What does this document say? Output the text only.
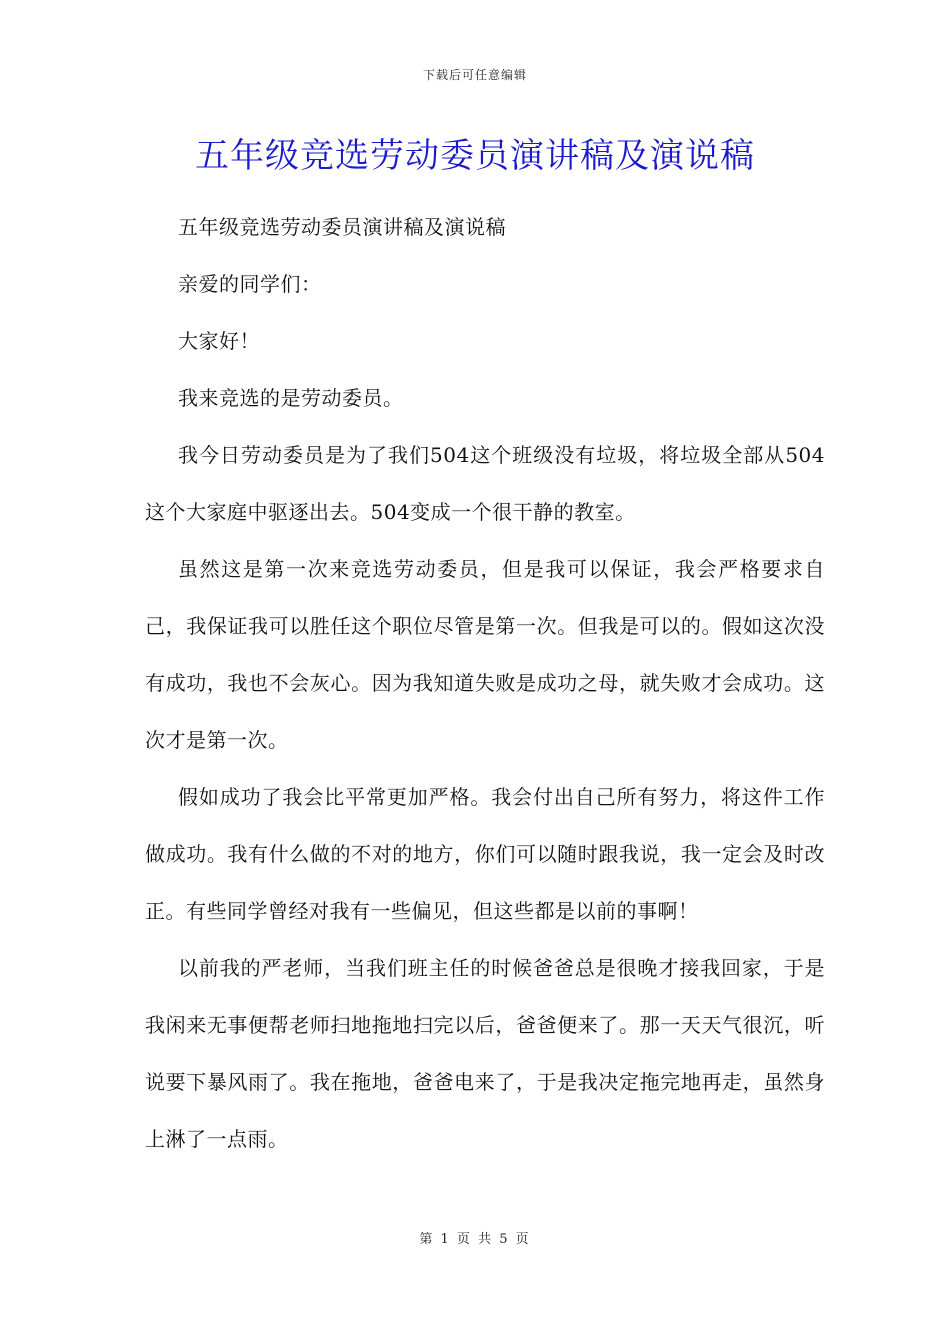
下载后可任意编辑
五年级竞选劳动委员演讲稿及演说稿

五年级竞选劳动委员演讲稿及演说稿

亲爱的同学们：

大家好！

我来竞选的是劳动委员。

我今日劳动委员是为了我们504这个班级没有垃圾，将垃圾全部从504这个大家庭中驱逐出去。504变成一个很干静的教室。

虽然这是第一次来竞选劳动委员，但是我可以保证，我会严格要求自己，我保证我可以胜任这个职位尽管是第一次。但我是可以的。假如这次没有成功，我也不会灰心。因为我知道失败是成功之母，就失败才会成功。这次才是第一次。

假如成功了我会比平常更加严格。我会付出自己所有努力，将这件工作做成功。我有什么做的不对的地方，你们可以随时跟我说，我一定会及时改正。有些同学曾经对我有一些偏见，但这些都是以前的事啊！

以前我的严老师，当我们班主任的时候爸爸总是很晚才接我回家，于是我闲来无事便帮老师扫地拖地扫完以后，爸爸便来了。那一天天气很沉，听说要下暴风雨了。我在拖地，爸爸电来了，于是我决定拖完地再走，虽然身上淋了一点雨。

第 1 页 共 5 页
